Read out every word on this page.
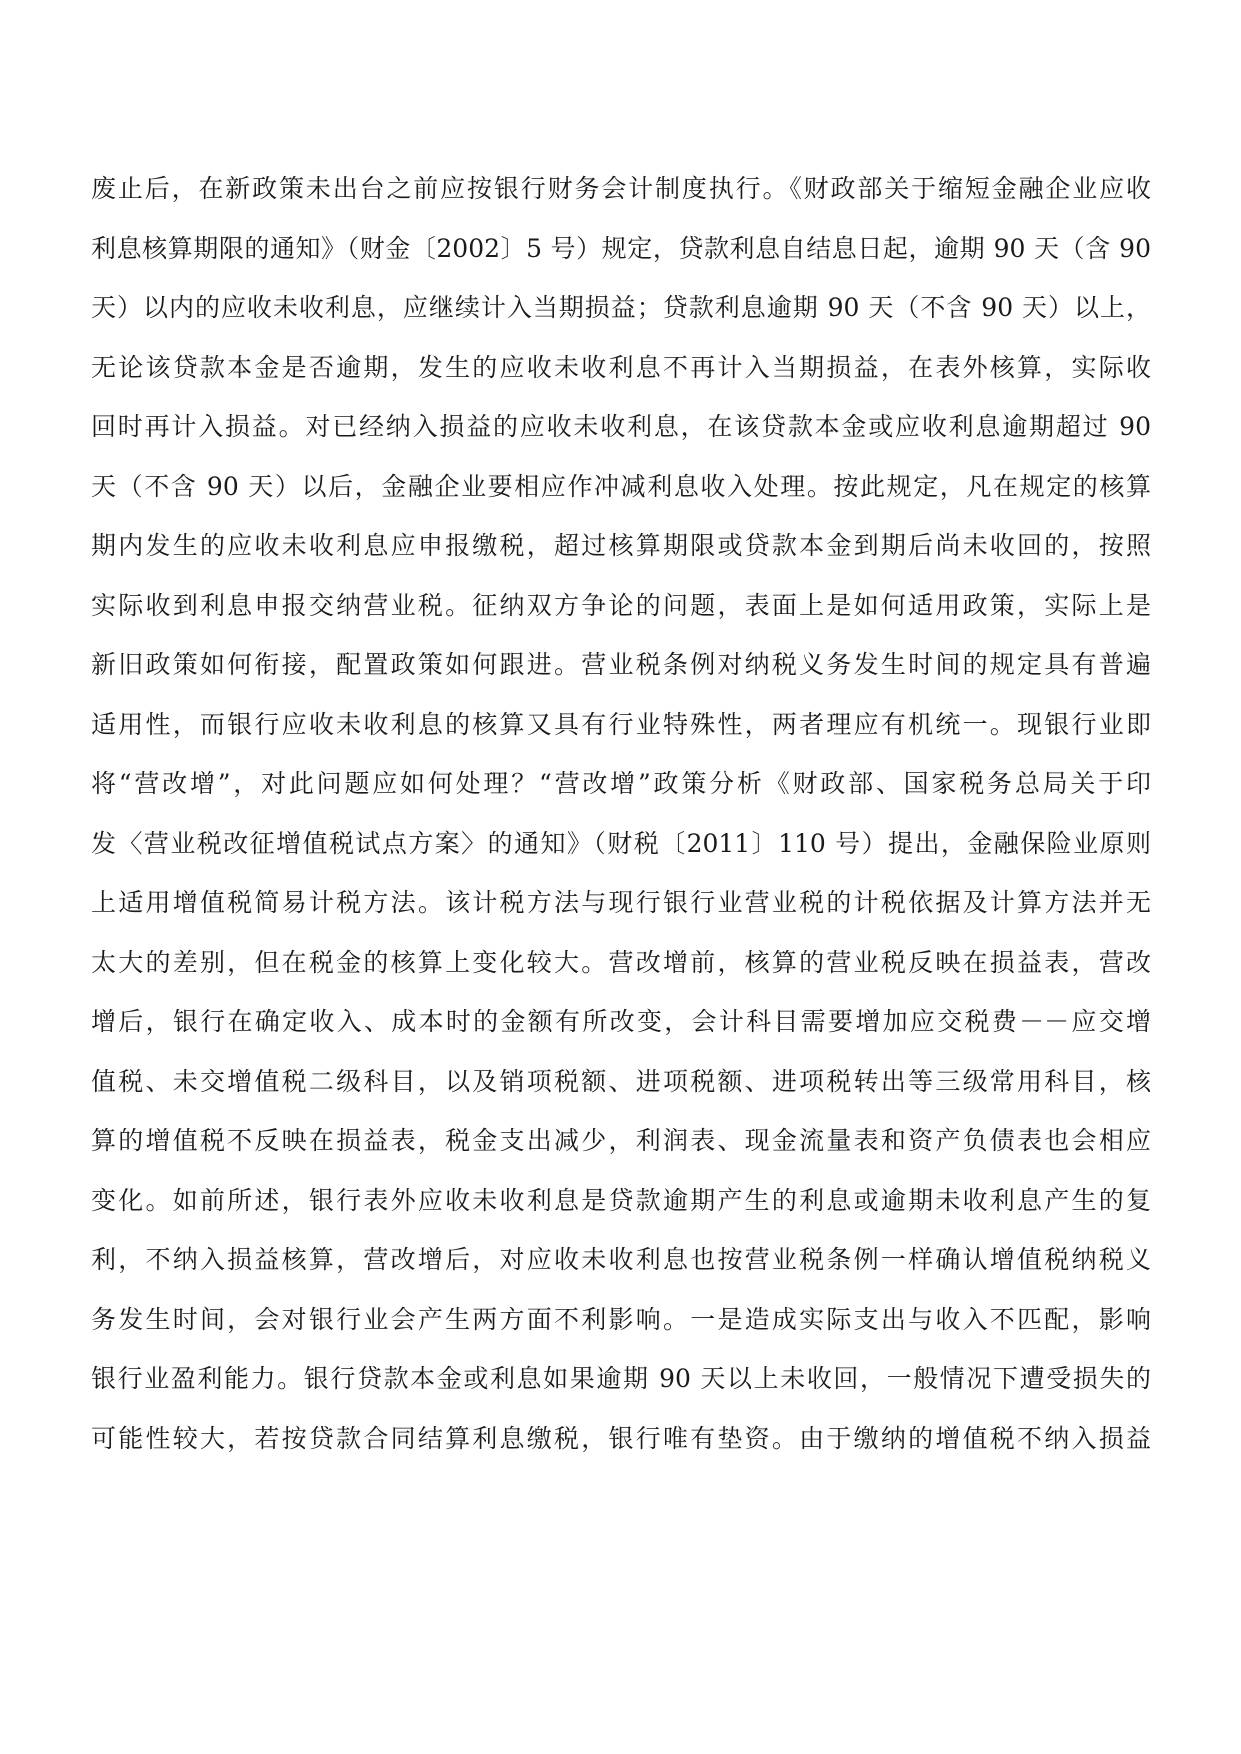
废止后，在新政策未出台之前应按银行财务会计制度执行。《财政部关于缩短金融企业应收
利息核算期限的通知》（财金〔2002〕5 号）规定，贷款利息自结息日起，逾期 90 天（含 90
天）以内的应收未收利息，应继续计入当期损益；贷款利息逾期 90 天（不含 90 天）以上，
无论该贷款本金是否逾期，发生的应收未收利息不再计入当期损益，在表外核算，实际收
回时再计入损益。对已经纳入损益的应收未收利息，在该贷款本金或应收利息逾期超过 90
天（不含 90 天）以后，金融企业要相应作冲减利息收入处理。按此规定，凡在规定的核算
期内发生的应收未收利息应申报缴税，超过核算期限或贷款本金到期后尚未收回的，按照
实际收到利息申报交纳营业税。征纳双方争论的问题，表面上是如何适用政策，实际上是
新旧政策如何衔接，配置政策如何跟进。营业税条例对纳税义务发生时间的规定具有普遍
适用性，而银行应收未收利息的核算又具有行业特殊性，两者理应有机统一。现银行业即
将“营改增”，对此问题应如何处理？“营改增”政策分析《财政部、国家税务总局关于印
发〈营业税改征增值税试点方案〉的通知》（财税〔2011〕110 号）提出，金融保险业原则
上适用增值税简易计税方法。该计税方法与现行银行业营业税的计税依据及计算方法并无
太大的差别，但在税金的核算上变化较大。营改增前，核算的营业税反映在损益表，营改
增后，银行在确定收入、成本时的金额有所改变，会计科目需要增加应交税费－－应交增
值税、未交增值税二级科目，以及销项税额、进项税额、进项税转出等三级常用科目，核
算的增值税不反映在损益表，税金支出减少，利润表、现金流量表和资产负债表也会相应
变化。如前所述，银行表外应收未收利息是贷款逾期产生的利息或逾期未收利息产生的复
利，不纳入损益核算，营改增后，对应收未收利息也按营业税条例一样确认增值税纳税义
务发生时间，会对银行业会产生两方面不利影响。一是造成实际支出与收入不匹配，影响
银行业盈利能力。银行贷款本金或利息如果逾期 90 天以上未收回，一般情况下遭受损失的
可能性较大，若按贷款合同结算利息缴税，银行唯有垫资。由于缴纳的增值税不纳入损益
